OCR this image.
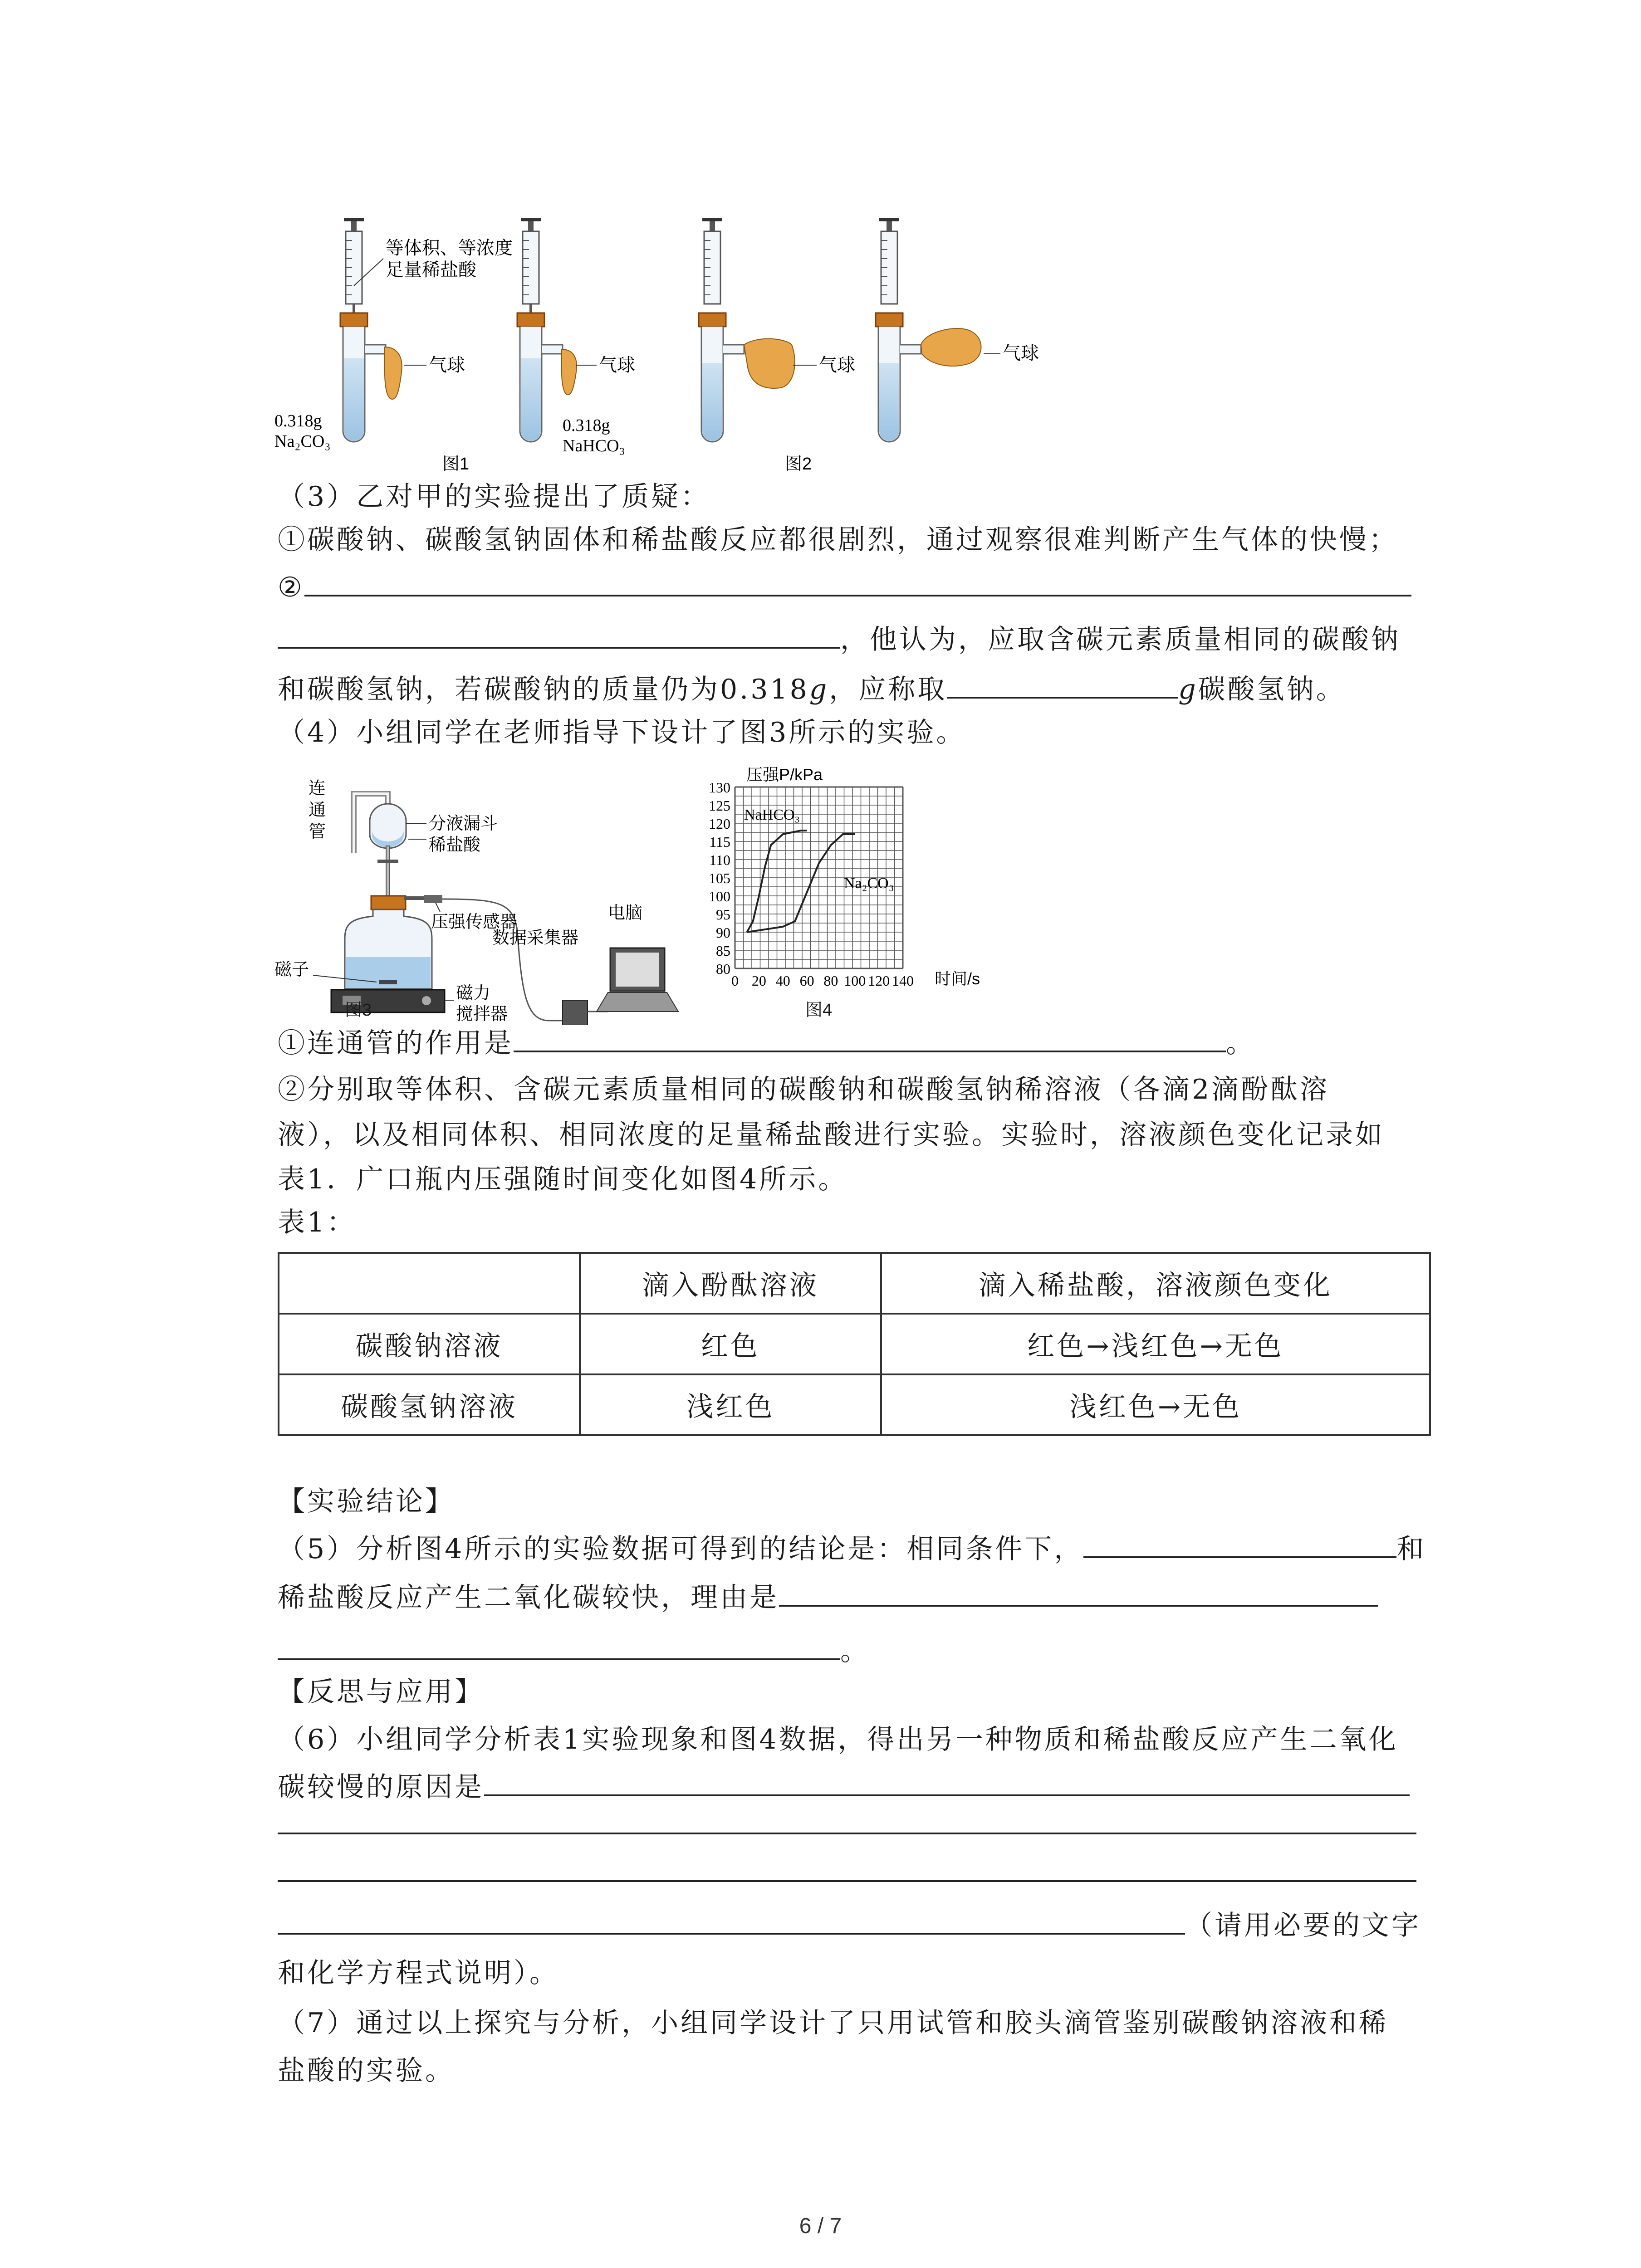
等体积、等浓度
足量稀盐酸
气球	气球	气球
气球
0.318g
Na₂CO₃
0.318g
NaHCO₃
图1	图2
（3）乙对甲的实验提出了质疑：
①碳酸钠、碳酸氢钠固体和稀盐酸反应都很剧烈，通过观察很难判断产生气体的快慢；
②
，他认为，应取含碳元素质量相同的碳酸钠
和碳酸氢钠，若碳酸钠的质量仍为0.318g，应称取	g碳酸氢钠。
（4）小组同学在老师指导下设计了图3所示的实验。
连
通
管	分液漏斗
稀盐酸
压强传感器
磁子
磁力
搅拌器
数据采集器
电脑
图3
80
85
90
95
100
105
110
115
120
125
130
0 20 40 60 80 100 120 140
压强P/kPa
时间/s
NaHCO₃
Na₂CO₃
图4
①连通管的作用是	。
②分别取等体积、含碳元素质量相同的碳酸钠和碳酸氢钠稀溶液（各滴2滴酚酞溶
液），以及相同体积、相同浓度的足量稀盐酸进行实验。实验时，溶液颜色变化记录如
表1．广口瓶内压强随时间变化如图4所示。
表1：
	滴入酚酞溶液	滴入稀盐酸，溶液颜色变化
碳酸钠溶液	红色	红色→浅红色→无色
碳酸氢钠溶液	浅红色	浅红色→无色
【实验结论】
（5）分析图4所示的实验数据可得到的结论是：相同条件下，	和
稀盐酸反应产生二氧化碳较快，理由是
。
【反思与应用】
（6）小组同学分析表1实验现象和图4数据，得出另一种物质和稀盐酸反应产生二氧化
碳较慢的原因是
（请用必要的文字
和化学方程式说明）。
（7）通过以上探究与分析，小组同学设计了只用试管和胶头滴管鉴别碳酸钠溶液和稀
盐酸的实验。
6 / 7
